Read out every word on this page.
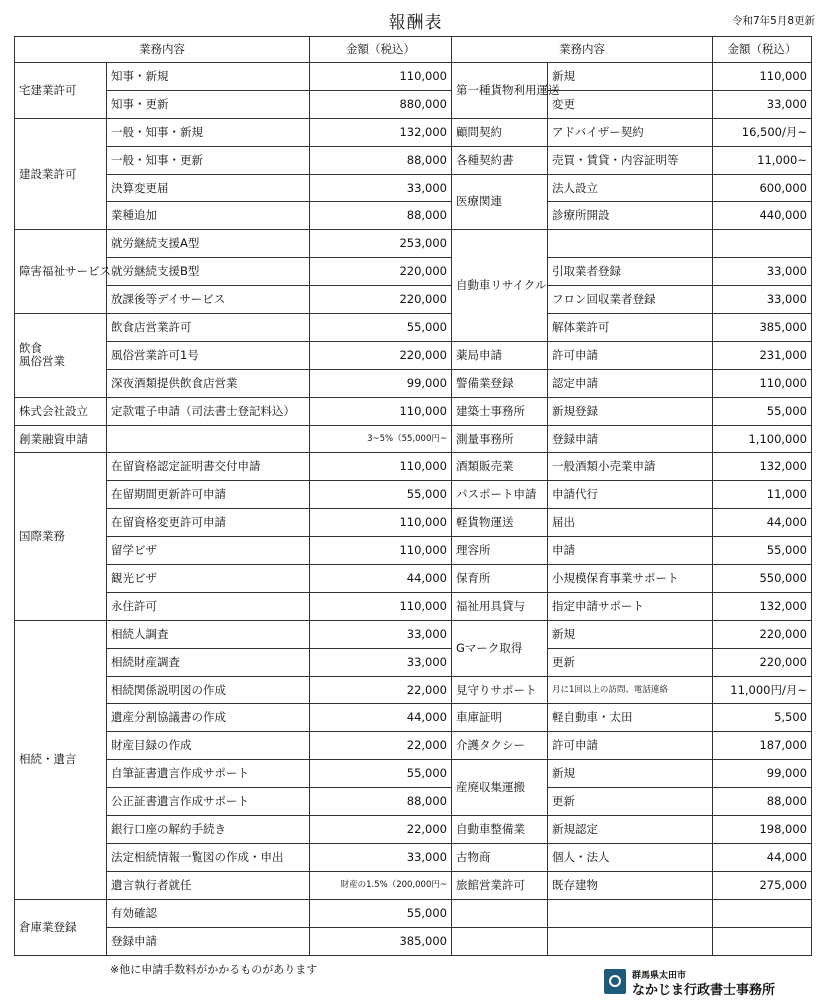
報酬表	令和7年5月8更新
業務内容		金額（税込）	業務内容		金額（税込）
宅建業許可	知事・新規	110,000	第一種貨物利用運送	新規	110,000
	知事・更新	880,000		変更	33,000
建設業許可	一般・知事・新規	132,000	顧問契約	アドバイザー契約	16,500/月~
	一般・知事・更新	88,000	各種契約書	売買・賃貸・内容証明等	11,000~
	決算変更届	33,000	医療関連	法人設立	600,000
	業種追加	88,000		診療所開設	440,000
障害福祉サービス	就労継続支援A型	253,000	自動車リサイクル		
	就労継続支援B型	220,000		引取業者登録	33,000
	放課後等デイサービス	220,000		フロン回収業者登録	33,000
飲食
風俗営業	飲食店営業許可	55,000		解体業許可	385,000
	風俗営業許可1号	220,000	薬局申請	許可申請	231,000
	深夜酒類提供飲食店営業	99,000	警備業登録	認定申請	110,000
株式会社設立	定款電子申請（司法書士登記料込）	110,000	建築士事務所	新規登録	55,000
創業融資申請		3~5%（55,000円~	測量事務所	登録申請	1,100,000
国際業務	在留資格認定証明書交付申請	110,000	酒類販売業	一般酒類小売業申請	132,000
	在留期間更新許可申請	55,000	パスポート申請	申請代行	11,000
	在留資格変更許可申請	110,000	軽貨物運送	届出	44,000
	留学ビザ	110,000	理容所	申請	55,000
	観光ビザ	44,000	保育所	小規模保育事業サポート	550,000
	永住許可	110,000	福祉用具貸与	指定申請サポート	132,000
相続・遺言	相続人調査	33,000	Gマーク取得	新規	220,000
	相続財産調査	33,000		更新	220,000
	相続関係説明図の作成	22,000	見守りサポート	月に1回以上の訪問、電話連絡	11,000円/月~
	遺産分割協議書の作成	44,000	車庫証明	軽自動車・太田	5,500
	財産目録の作成	22,000	介護タクシー	許可申請	187,000
	自筆証書遺言作成サポート	55,000	産廃収集運搬	新規	99,000
	公正証書遺言作成サポート	88,000		更新	88,000
	銀行口座の解約手続き	22,000	自動車整備業	新規認定	198,000
	法定相続情報一覧図の作成・申出	33,000	古物商	個人・法人	44,000
	遺言執行者就任	財産の1.5%（200,000円~	旅館営業許可	既存建物	275,000
倉庫業登録	有効確認	55,000			
	登録申請	385,000			
※他に申請手数料がかかるものがあります	群馬県太田市
なかじま行政書士事務所
